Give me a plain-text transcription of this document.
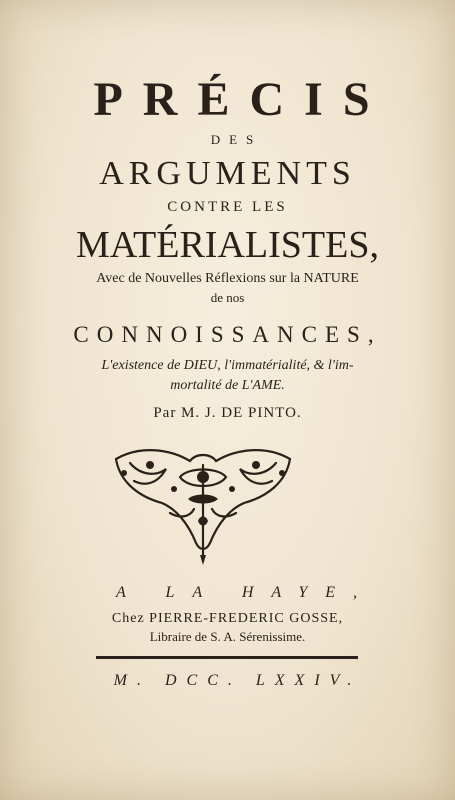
PRÉCIS
DES
ARGUMENTS
CONTRE LES
MATÉRIALISTES,
Avec de Nouvelles Réflexions sur la NATURE
de nos
CONNOISSANCES,
L'existence de DIEU, l'immatérialité, & l'im-
mortalité de L'AME.
Par M. J. DE PINTO.
A LA HAYE,
Chez PIERRE-FREDERIC GOSSE,
Libraire de S. A. Sérenissime.
M. DCC. LXXIV.
